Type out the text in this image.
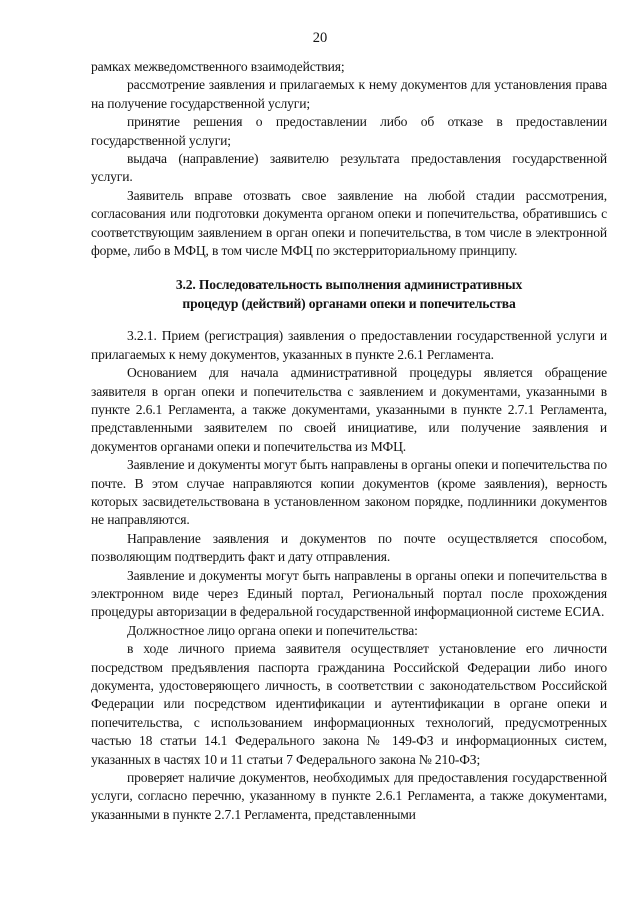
20

рамках межведомственного взаимодействия;

рассмотрение заявления и прилагаемых к нему документов для установления права на получение государственной услуги;

принятие решения о предоставлении либо об отказе в предоставлении государственной услуги;

выдача (направление) заявителю результата предоставления государственной услуги.

Заявитель вправе отозвать свое заявление на любой стадии рассмотрения, согласования или подготовки документа органом опеки и попечительства, обратившись с соответствующим заявлением в орган опеки и попечительства, в том числе в электронной форме, либо в МФЦ, в том числе МФЦ по экстерриториальному принципу.

3.2. Последовательность выполнения административных
процедур (действий) органами опеки и попечительства

3.2.1. Прием (регистрация) заявления о предоставлении государственной услуги и прилагаемых к нему документов, указанных в пункте 2.6.1 Регламента.

Основанием для начала административной процедуры является обращение заявителя в орган опеки и попечительства с заявлением и документами, указанными в пункте 2.6.1 Регламента, а также документами, указанными в пункте 2.7.1 Регламента, представленными заявителем по своей инициативе, или получение заявления и документов органами опеки и попечительства из МФЦ.

Заявление и документы могут быть направлены в органы опеки и попечительства по почте. В этом случае направляются копии документов (кроме заявления), верность которых засвидетельствована в установленном законом порядке, подлинники документов не направляются.

Направление заявления и документов по почте осуществляется способом, позволяющим подтвердить факт и дату отправления.

Заявление и документы могут быть направлены в органы опеки и попечительства в электронном виде через Единый портал, Региональный портал после прохождения процедуры авторизации в федеральной государственной информационной системе ЕСИА.

Должностное лицо органа опеки и попечительства:

в ходе личного приема заявителя осуществляет установление его личности посредством предъявления паспорта гражданина Российской Федерации либо иного документа, удостоверяющего личность, в соответствии с законодательством Российской Федерации или посредством идентификации и аутентификации в органе опеки и попечительства, с использованием информационных технологий, предусмотренных частью 18 статьи 14.1 Федерального закона № 149-ФЗ и информационных систем, указанных в частях 10 и 11 статьи 7 Федерального закона № 210-ФЗ;

проверяет наличие документов, необходимых для предоставления государственной услуги, согласно перечню, указанному в пункте 2.6.1 Регламента, а также документами, указанными в пункте 2.7.1 Регламента, представленными
